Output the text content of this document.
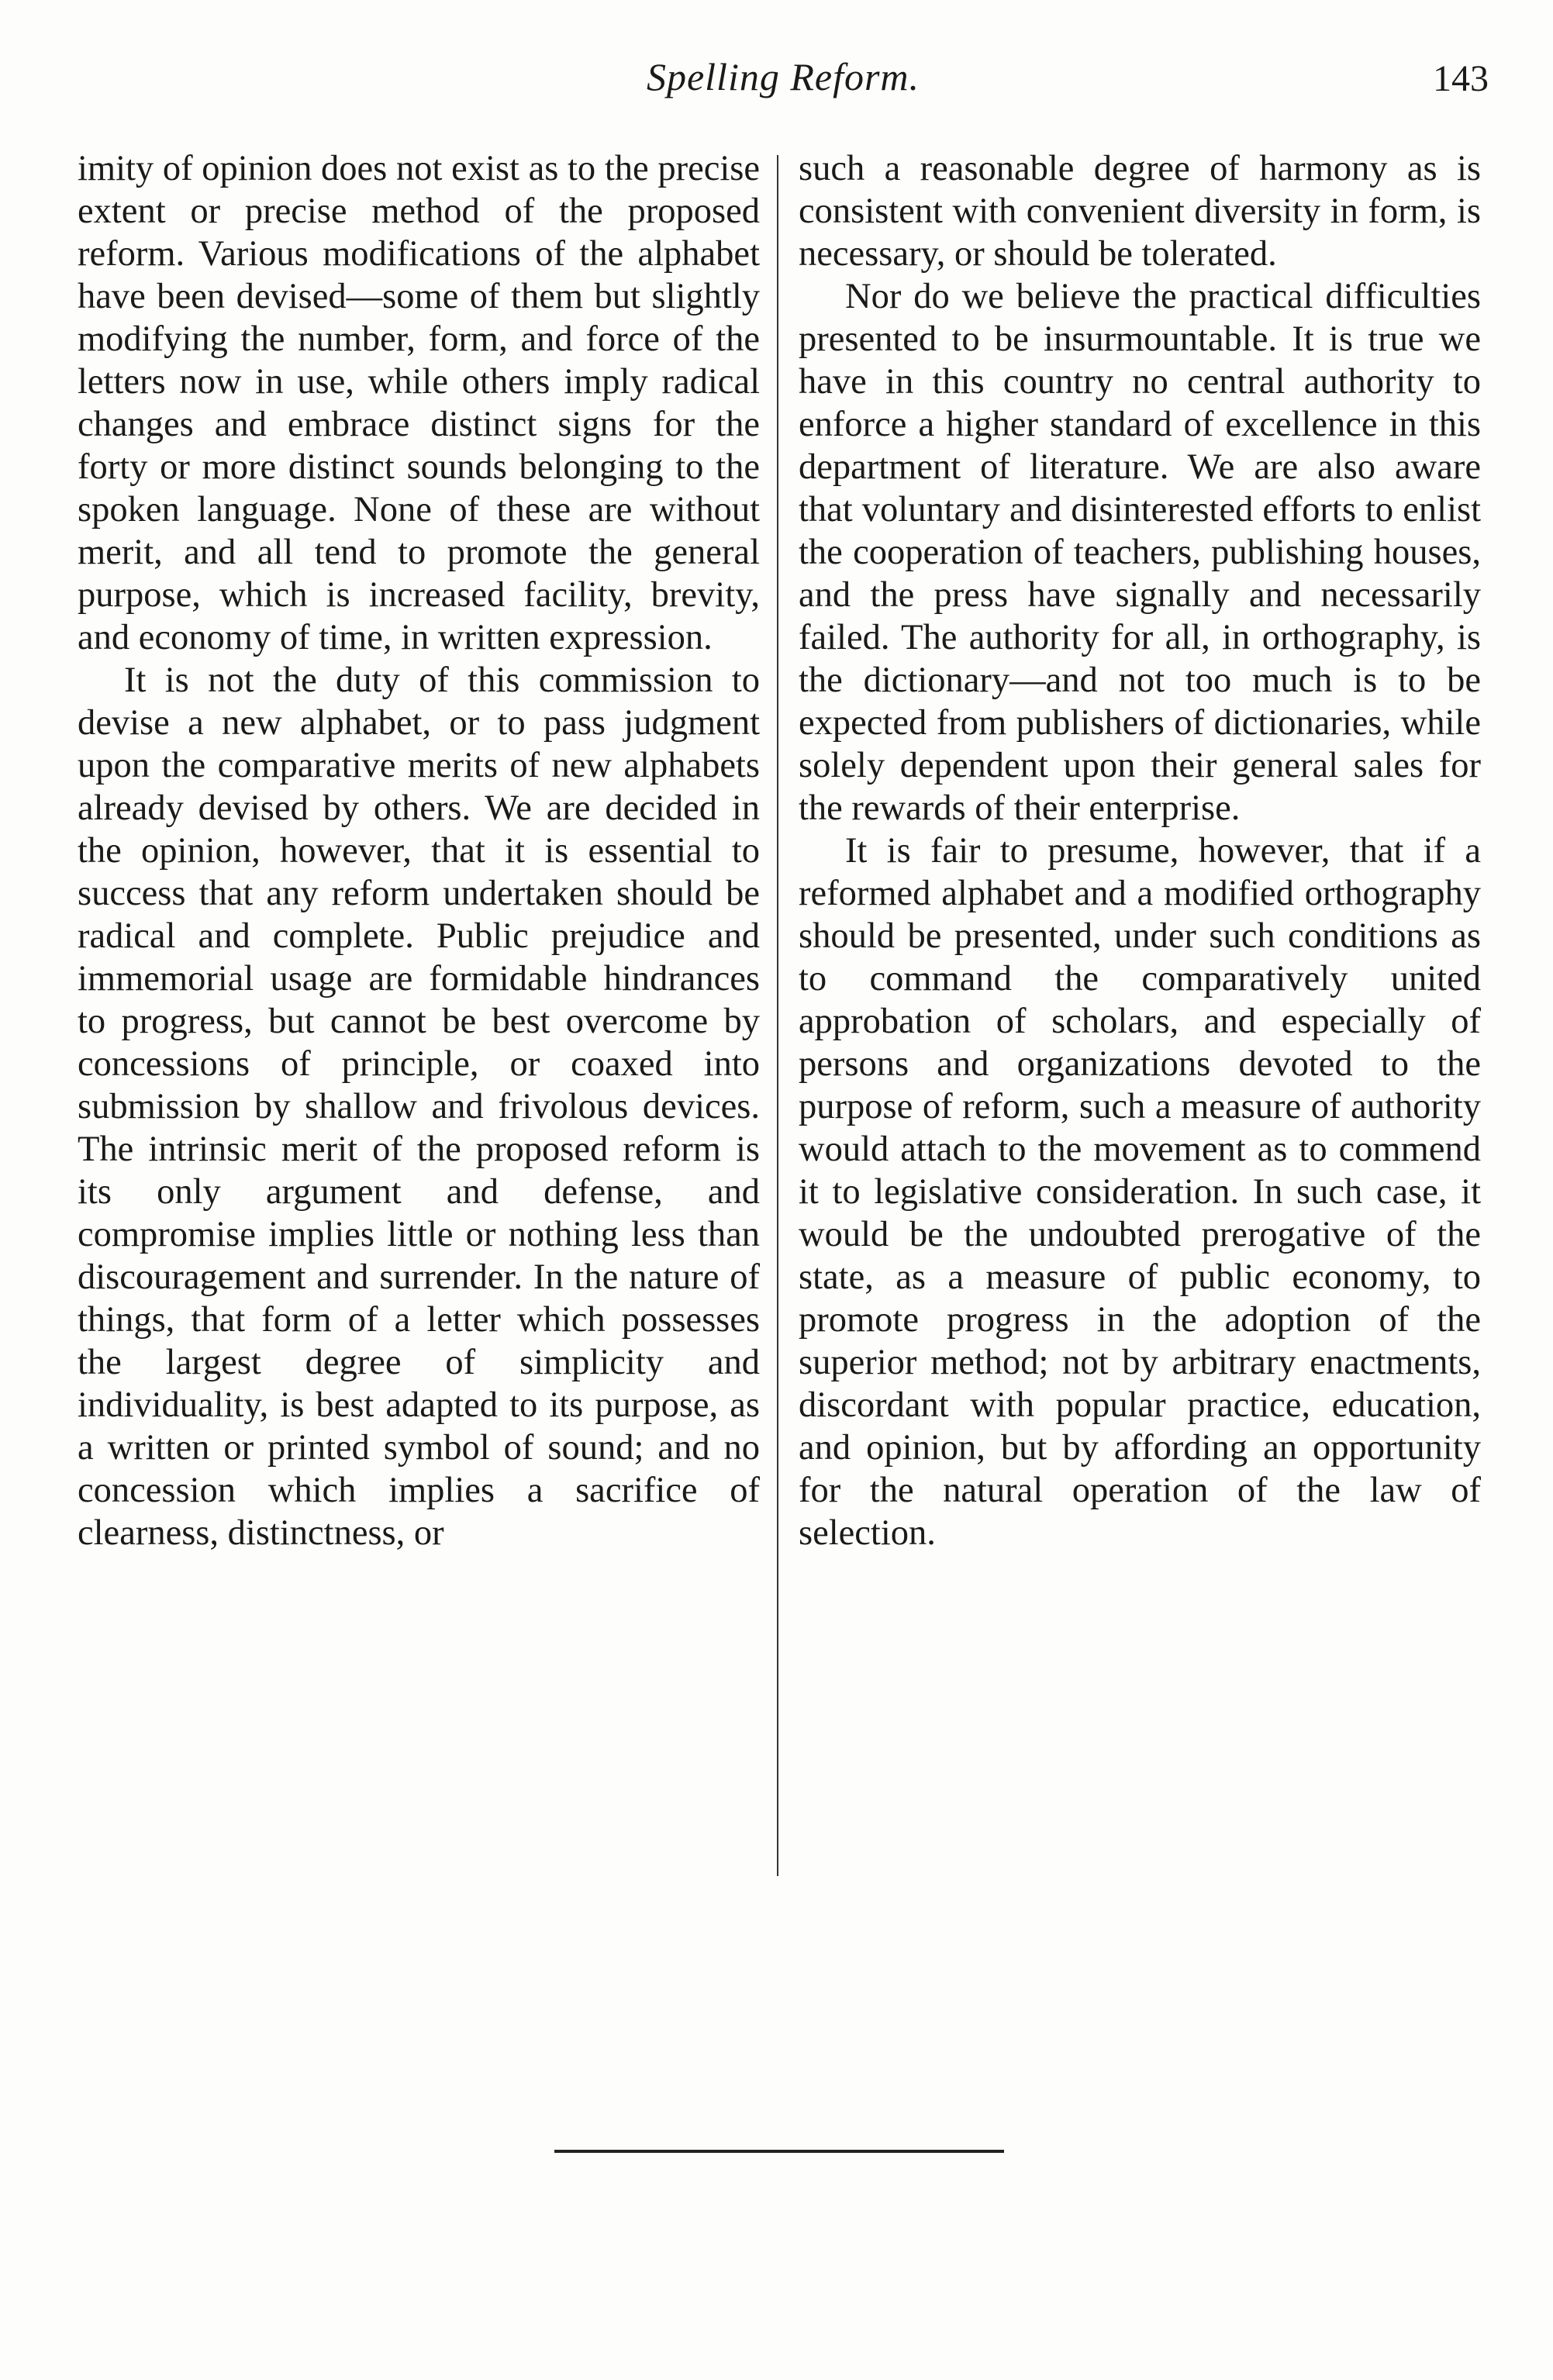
Spelling Reform.	143

imity of opinion does not exist as to the precise extent or precise method of the proposed reform. Various modifications of the alphabet have been devised—some of them but slightly modifying the number, form, and force of the letters now in use, while others imply radical changes and embrace distinct signs for the forty or more distinct sounds belonging to the spoken language. None of these are without merit, and all tend to promote the general purpose, which is increased facility, brevity, and economy of time, in written expression.

It is not the duty of this commission to devise a new alphabet, or to pass judgment upon the comparative merits of new alphabets already devised by others. We are decided in the opinion, however, that it is essential to success that any reform undertaken should be radical and complete. Public prejudice and immemorial usage are formidable hindrances to progress, but cannot be best overcome by concessions of principle, or coaxed into submission by shallow and frivolous devices. The intrinsic merit of the proposed reform is its only argument and defense, and compromise implies little or nothing less than discouragement and surrender. In the nature of things, that form of a letter which possesses the largest degree of simplicity and individuality, is best adapted to its purpose, as a written or printed symbol of sound; and no concession which implies a sacrifice of clearness, distinctness, or

such a reasonable degree of harmony as is consistent with convenient diversity in form, is necessary, or should be tolerated.

Nor do we believe the practical difficulties presented to be insurmountable. It is true we have in this country no central authority to enforce a higher standard of excellence in this department of literature. We are also aware that voluntary and disinterested efforts to enlist the cooperation of teachers, publishing houses, and the press have signally and necessarily failed. The authority for all, in orthography, is the dictionary—and not too much is to be expected from publishers of dictionaries, while solely dependent upon their general sales for the rewards of their enterprise.

It is fair to presume, however, that if a reformed alphabet and a modified orthography should be presented, under such conditions as to command the comparatively united approbation of scholars, and especially of persons and organizations devoted to the purpose of reform, such a measure of authority would attach to the movement as to commend it to legislative consideration. In such case, it would be the undoubted prerogative of the state, as a measure of public economy, to promote progress in the adoption of the superior method; not by arbitrary enactments, discordant with popular practice, education, and opinion, but by affording an opportunity for the natural operation of the law of selection.
